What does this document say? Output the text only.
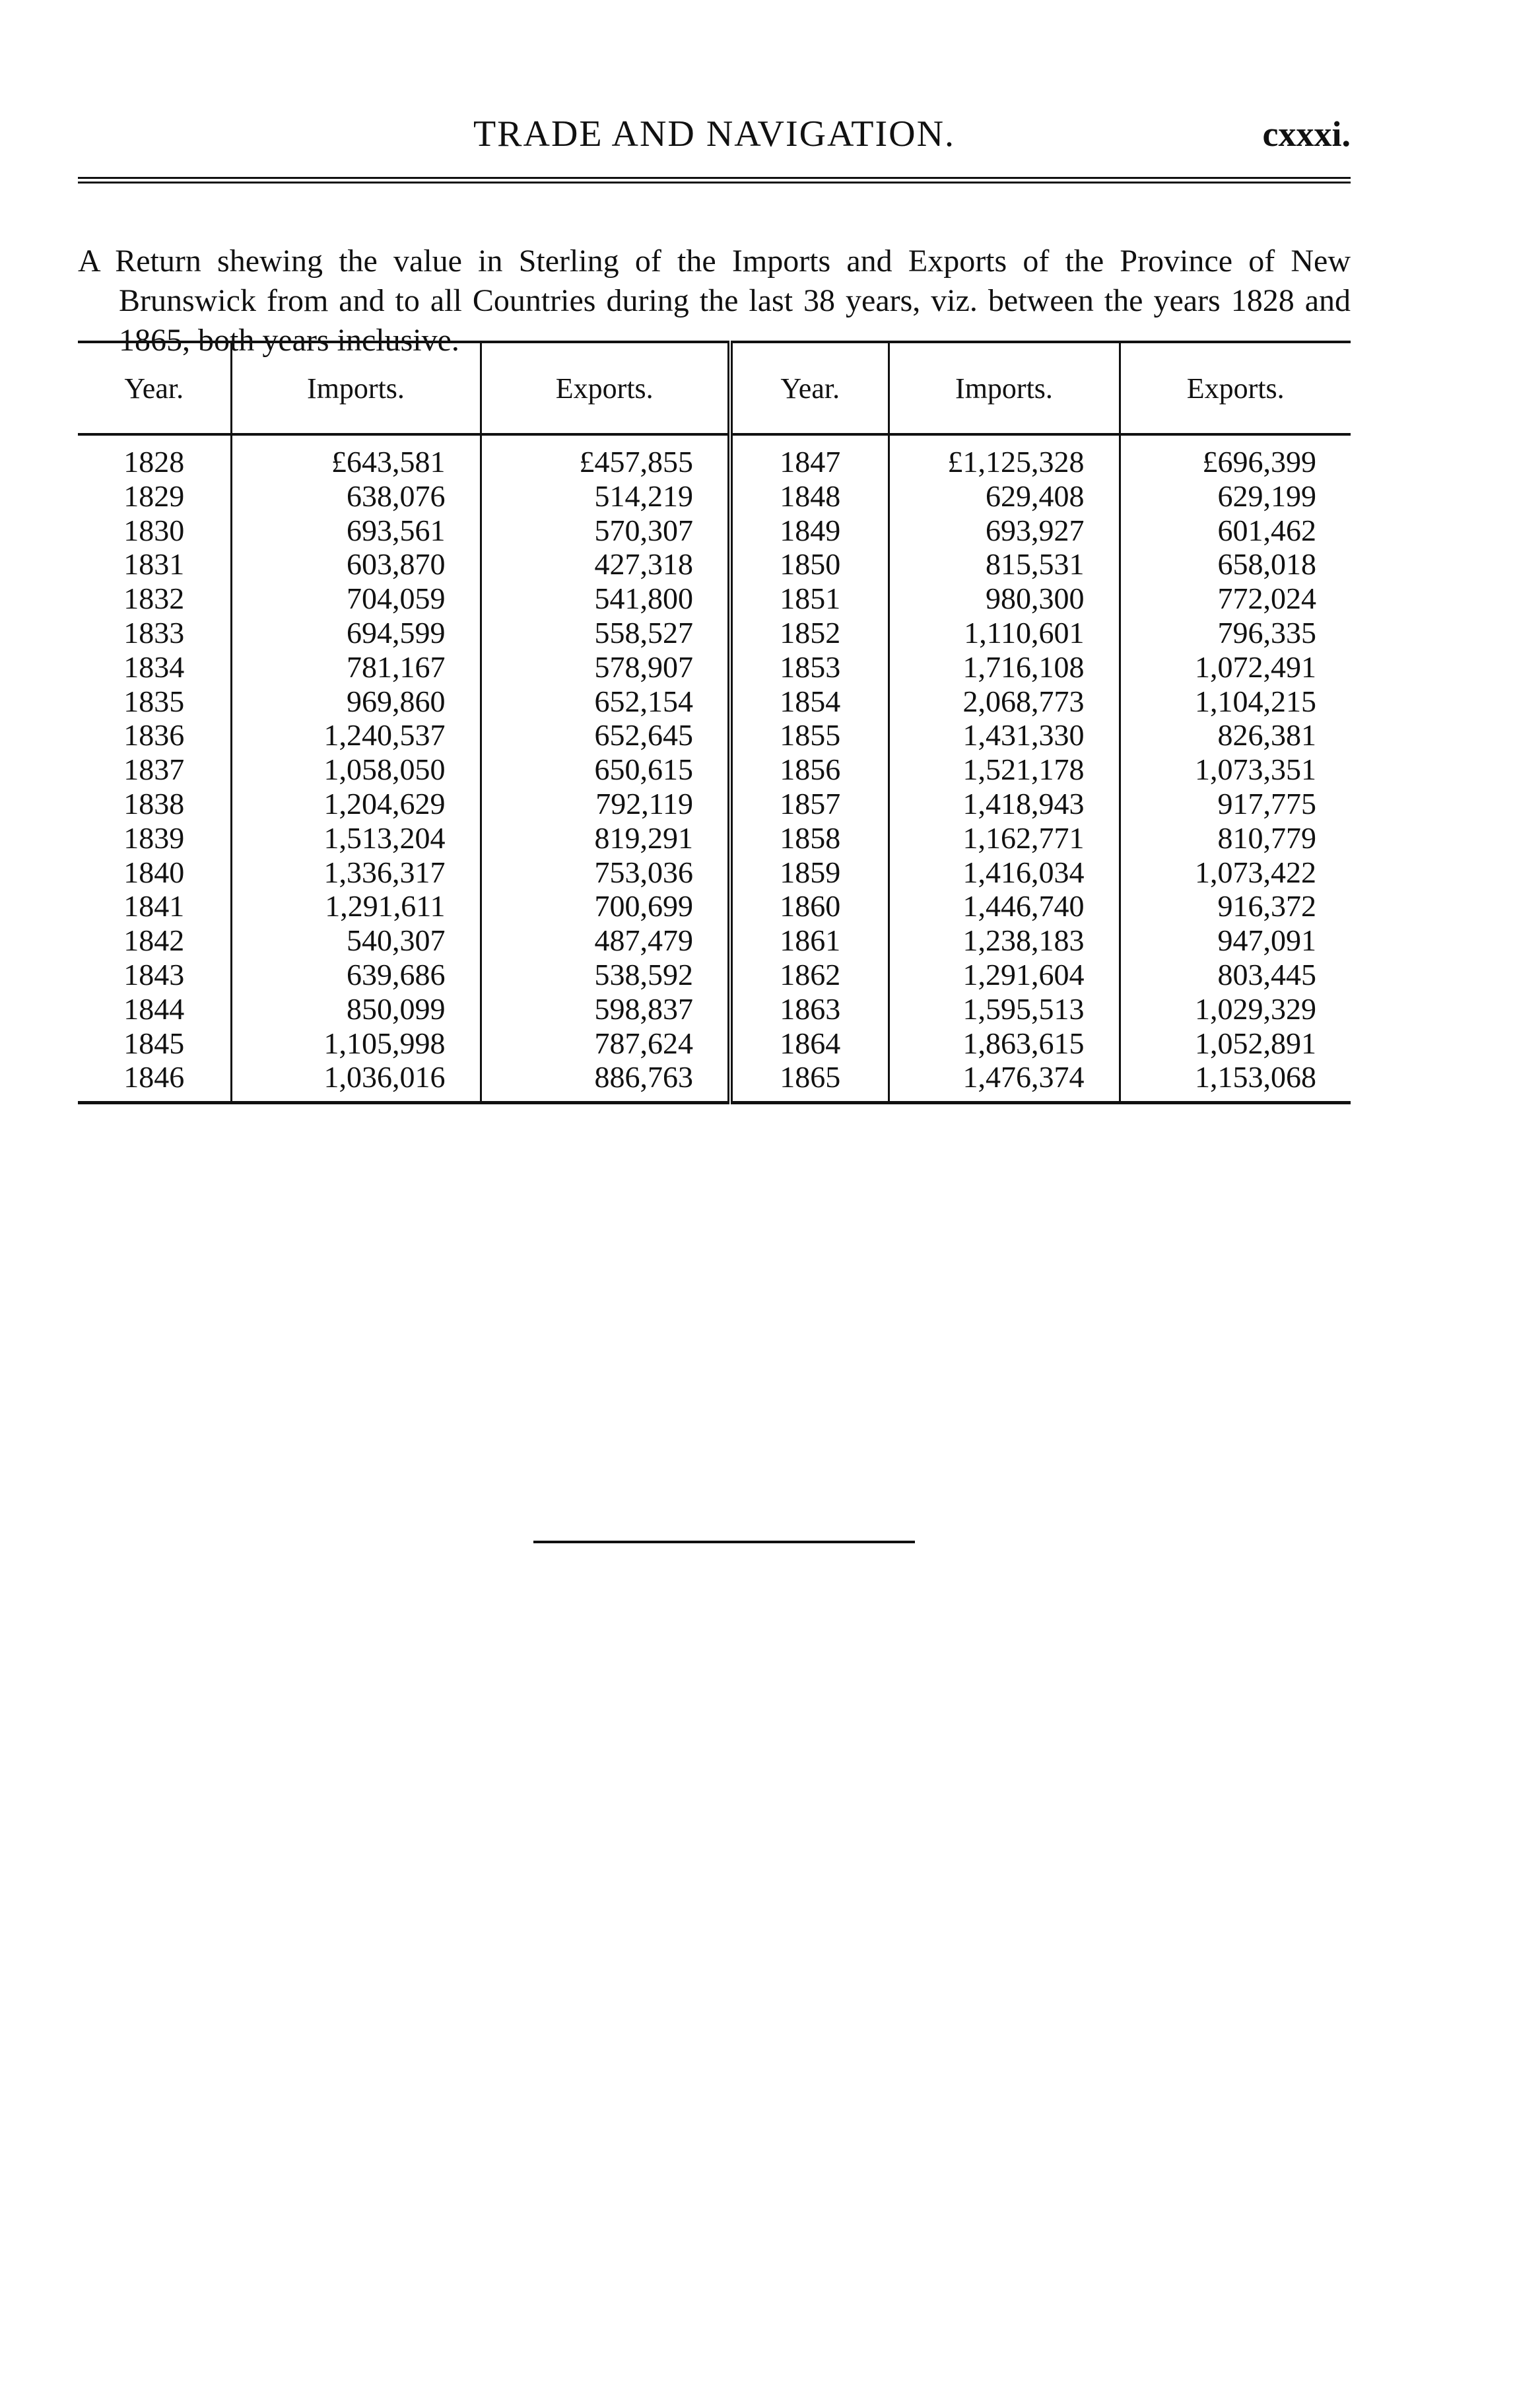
TRADE AND NAVIGATION.	cxxxi.

A Return shewing the value in Sterling of the Imports and Exports of the Province of New Brunswick from and to all Countries during the last 38 years, viz. between the years 1828 and 1865, both years inclusive.

Year.	Imports.	Exports.	Year.	Imports.	Exports.
1828	£643,581	£457,855	1847	£1,125,328	£696,399
1829	638,076	514,219	1848	629,408	629,199
1830	693,561	570,307	1849	693,927	601,462
1831	603,870	427,318	1850	815,531	658,018
1832	704,059	541,800	1851	980,300	772,024
1833	694,599	558,527	1852	1,110,601	796,335
1834	781,167	578,907	1853	1,716,108	1,072,491
1835	969,860	652,154	1854	2,068,773	1,104,215
1836	1,240,537	652,645	1855	1,431,330	826,381
1837	1,058,050	650,615	1856	1,521,178	1,073,351
1838	1,204,629	792,119	1857	1,418,943	917,775
1839	1,513,204	819,291	1858	1,162,771	810,779
1840	1,336,317	753,036	1859	1,416,034	1,073,422
1841	1,291,611	700,699	1860	1,446,740	916,372
1842	540,307	487,479	1861	1,238,183	947,091
1843	639,686	538,592	1862	1,291,604	803,445
1844	850,099	598,837	1863	1,595,513	1,029,329
1845	1,105,998	787,624	1864	1,863,615	1,052,891
1846	1,036,016	886,763	1865	1,476,374	1,153,068
